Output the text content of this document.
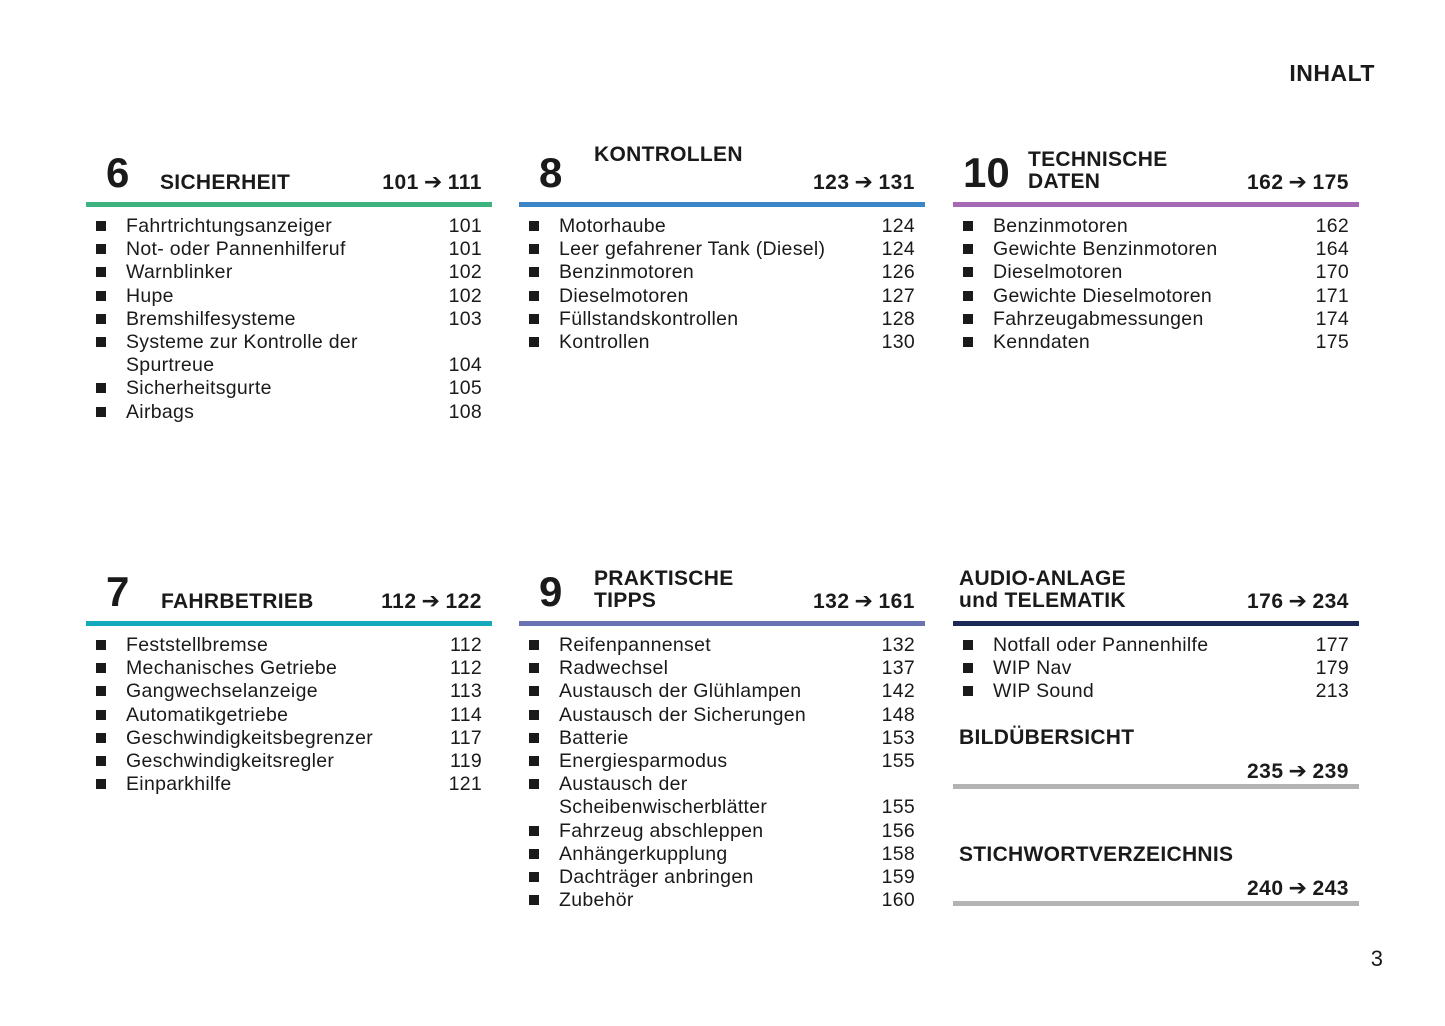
INHALT
6 SICHERHEIT	101 ➔ 111
Fahrtrichtungsanzeiger	101
Not- oder Pannenhilferuf	101
Warnblinker	102
Hupe	102
Bremshilfesysteme	103
Systeme zur Kontrolle der Spurtreue	104
Sicherheitsgurte	105
Airbags	108
8 KONTROLLEN
123 ➔ 131
Motorhaube	124
Leer gefahrener Tank (Diesel)	124
Benzinmotoren	126
Dieselmotoren	127
Füllstandskontrollen	128
Kontrollen	130
10 TECHNISCHE
DATEN	162 ➔ 175
Benzinmotoren	162
Gewichte Benzinmotoren	164
Dieselmotoren	170
Gewichte Dieselmotoren	171
Fahrzeugabmessungen	174
Kenndaten	175
7 FAHRBETRIEB	112 ➔ 122
Feststellbremse	112
Mechanisches Getriebe	112
Gangwechselanzeige	113
Automatikgetriebe	114
Geschwindigkeitsbegrenzer	117
Geschwindigkeitsregler	119
Einparkhilfe	121
9 PRAKTISCHE
TIPPS	132 ➔ 161
Reifenpannenset	132
Radwechsel	137
Austausch der Glühlampen	142
Austausch der Sicherungen	148
Batterie	153
Energiesparmodus	155
Austausch der Scheibenwischerblätter	155
Fahrzeug abschleppen	156
Anhängerkupplung	158
Dachträger anbringen	159
Zubehör	160
AUDIO-ANLAGE
und TELEMATIK	176 ➔ 234
Notfall oder Pannenhilfe	177
WIP Nav	179
WIP Sound	213
BILDÜBERSICHT
235 ➔ 239
STICHWORTVERZEICHNIS
240 ➔ 243
3
